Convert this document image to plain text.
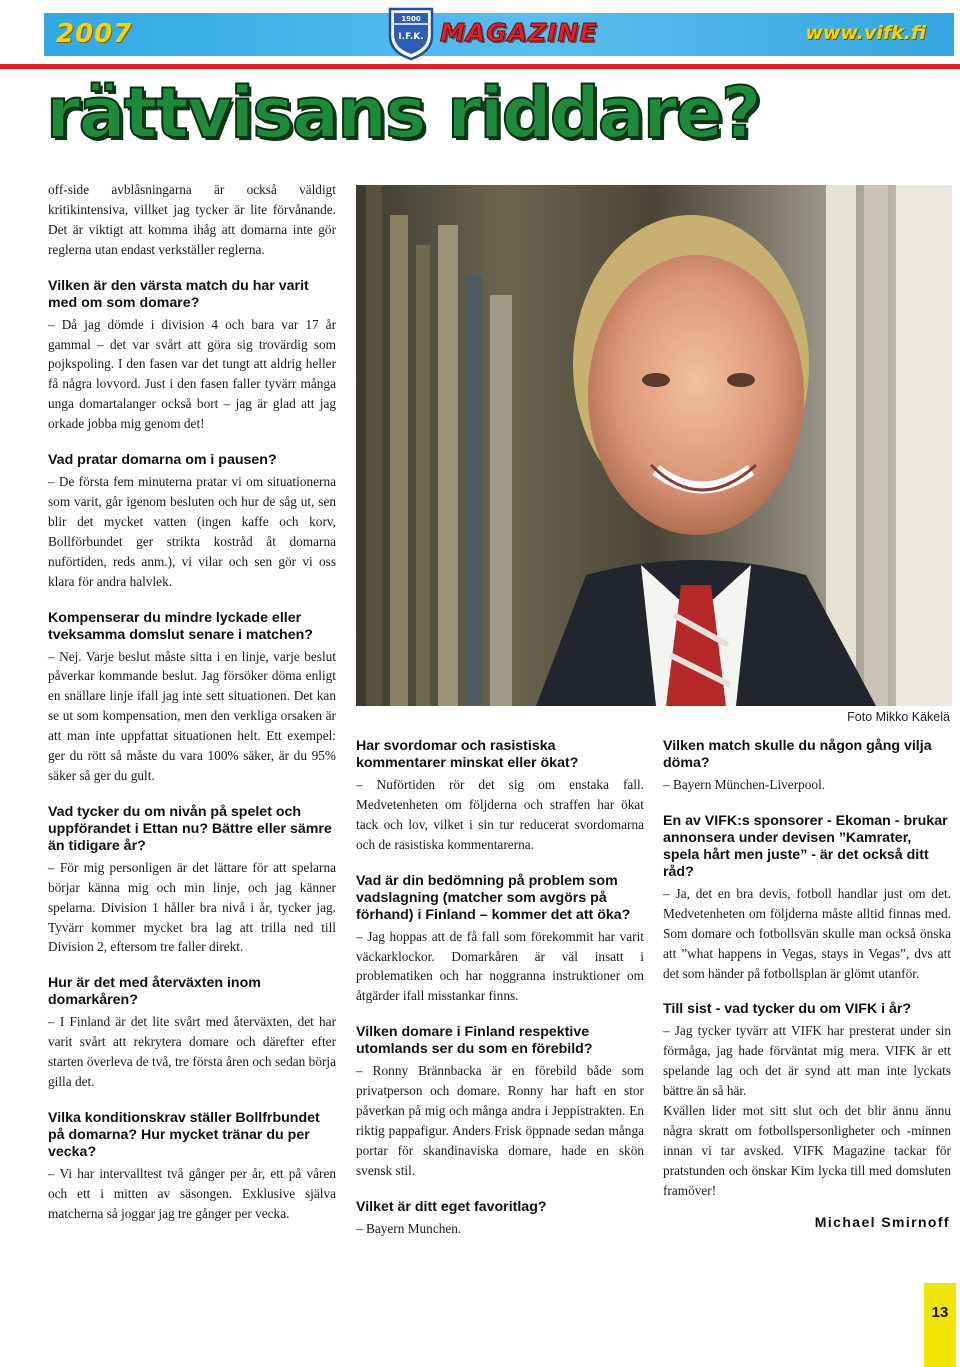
2007	1900
I.F.K. MAGAZINE	www.vifk.fi
rättvisans riddare?

off-side avblåsningarna är också väldigt kritikintensiva, villket jag tycker är lite förvånande. Det är viktigt att komma ihåg att domarna inte gör reglerna utan endast verkställer reglerna.

Vilken är den värsta match du har varit med om som domare?

– Då jag dömde i division 4 och bara var 17 år gammal – det var svårt att göra sig trovärdig som pojkspoling. I den fasen var det tungt att aldrig heller få några lovvord. Just i den fasen faller tyvärr många unga domartalanger också bort – jag är glad att jag orkade jobba mig genom det!

Vad pratar domarna om i pausen?

– De första fem minuterna pratar vi om situationerna som varit, går igenom besluten och hur de såg ut, sen blir det mycket vatten (ingen kaffe och korv, Bollförbundet ger strikta kostråd åt domarna nuförtiden, reds anm.), vi vilar och sen gör vi oss klara för andra halvlek.

Kompenserar du mindre lyckade eller tveksamma domslut senare i matchen?

– Nej. Varje beslut måste sitta i en linje, varje beslut påverkar kommande beslut. Jag försöker döma enligt en snällare linje ifall jag inte sett situationen. Det kan se ut som kompensation, men den verkliga orsaken är att man inte uppfattat situationen helt. Ett exempel: ger du rött så måste du vara 100% säker, är du 95% säker så ger du gult.

Vad tycker du om nivån på spelet och uppförandet i Ettan nu? Bättre eller sämre än tidigare år?

– För mig personligen är det lättare för att spelarna börjar känna mig och min linje, och jag känner spelarna. Division 1 håller bra nivå i år, tycker jag. Tyvärr kommer mycket bra lag att trilla ned till Division 2, eftersom tre faller direkt.

Hur är det med återväxten inom domarkåren?

– I Finland är det lite svårt med återväxten, det har varit svårt att rekrytera domare och därefter efter starten överleva de två, tre första åren och sedan börja gilla det.

Vilka konditionskrav ställer Bollfrbundet på domarna? Hur mycket tränar du per vecka?

– Vi har intervalltest två gånger per år, ett på våren och ett i mitten av säsongen. Exklusive själva matcherna så joggar jag tre gånger per vecka.

Foto Mikko Käkelä
Har svordomar och rasistiska kommentarer minskat eller ökat?

– Nuförtiden rör det sig om enstaka fall. Medvetenheten om följderna och straffen har ökat tack och lov, vilket i sin tur reducerat svordomarna och de rasistiska kommentarerna.

Vad är din bedömning på problem som vadslagning (matcher som avgörs på förhand) i Finland – kommer det att öka?

– Jag hoppas att de få fall som förekommit har varit väckarklockor. Domarkåren är väl insatt i problematiken och har noggranna instruktioner om åtgärder ifall misstankar finns.

Vilken domare i Finland respektive utomlands ser du som en förebild?

– Ronny Brännbacka är en förebild både som privatperson och domare. Ronny har haft en stor påverkan på mig och många andra i Jeppistrakten. En riktig pappafigur. Anders Frisk öppnade sedan många portar för skandinaviska domare, hade en skön svensk stil.

Vilket är ditt eget favoritlag?

– Bayern Munchen.

Vilken match skulle du någon gång vilja döma?

– Bayern München-Liverpool.

En av VIFK:s sponsorer - Ekoman - brukar annonsera under devisen ”Kamrater, spela hårt men juste” - är det också ditt råd?

– Ja, det en bra devis, fotboll handlar just om det. Medvetenheten om följderna måste alltid finnas med. Som domare och fotbollsvän skulle man också önska att ”what happens in Vegas, stays in Vegas”, dvs att det som händer på fotbollsplan är glömt utanför.

Till sist - vad tycker du om VIFK i år?

– Jag tycker tyvärr att VIFK har presterat under sin förmåga, jag hade förväntat mig mera. VIFK är ett spelande lag och det är synd att man inte lyckats bättre än så här.

Kvällen lider mot sitt slut och det blir ännu ännu några skratt om fotbollspersonligheter och -minnen innan vi tar avsked. VIFK Magazine tackar för pratstunden och önskar Kim lycka till med domsluten framöver!

Michael Smirnoff
13
